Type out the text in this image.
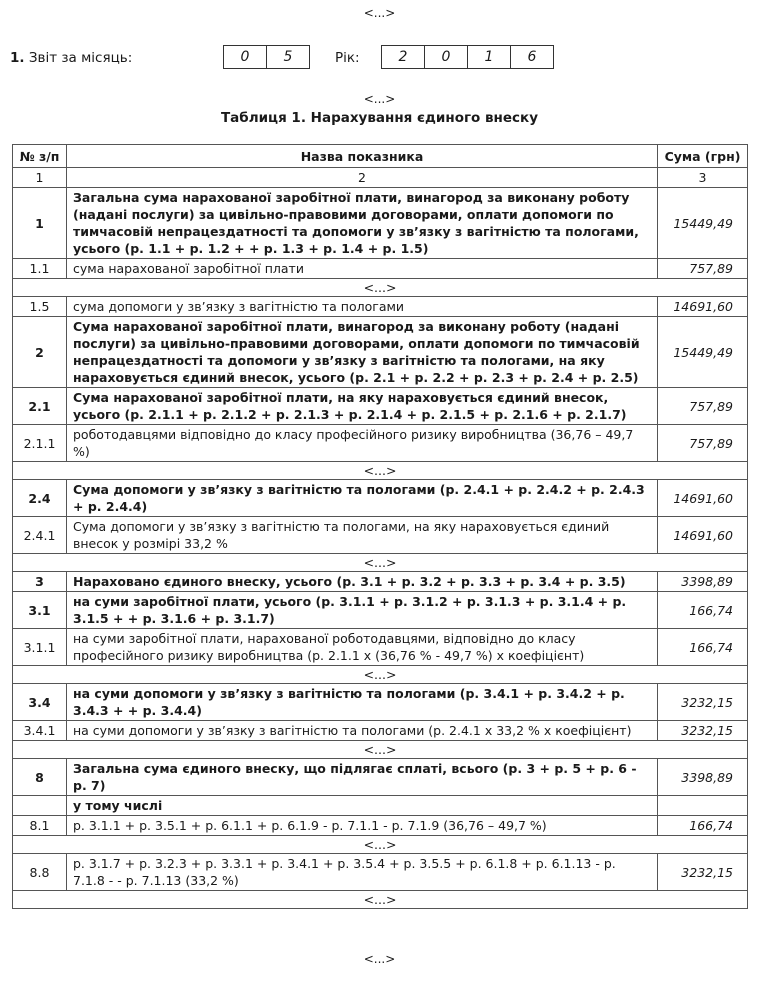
<...>
1. Звіт за місяць:	0	5	Рік:	2	0	1	6
<...>
Таблиця 1. Нарахування єдиного внеску
№ з/п	Назва показника	Сума (грн)
1	2	3
1	Загальна сума нарахованої заробітної плати, винагород за виконану роботу (надані послуги) за цивільно-правовими договорами, оплати допомоги по тимчасовій непрацездатності та допомоги у зв’язку з вагітністю та пологами, усього (р. 1.1 + р. 1.2 + + р. 1.3 + р. 1.4 + р. 1.5)	15449,49
1.1	сума нарахованої заробітної плати	757,89
<...>		
1.5	сума допомоги у зв’язку з вагітністю та пологами	14691,60
2	Сума нарахованої заробітної плати, винагород за виконану роботу (надані послуги) за цивільно-правовими договорами, оплати допомоги по тимчасовій непрацездатності та допомоги у зв’язку з вагітністю та пологами, на яку нараховується єдиний внесок, усього (р. 2.1 + р. 2.2 + р. 2.3 + р. 2.4 + р. 2.5)	15449,49
2.1	Сума нарахованої заробітної плати, на яку нараховується єдиний внесок, усього (р. 2.1.1 + р. 2.1.2 + р. 2.1.3 + р. 2.1.4 + р. 2.1.5 + р. 2.1.6 + р. 2.1.7)	757,89
2.1.1	роботодавцями відповідно до класу професійного ризику виробництва (36,76 – 49,7 %)	757,89
<...>		
2.4	Сума допомоги у зв’язку з вагітністю та пологами (р. 2.4.1 + р. 2.4.2 + р. 2.4.3 + р. 2.4.4)	14691,60
2.4.1	Сума допомоги у зв’язку з вагітністю та пологами, на яку нараховується єдиний внесок у розмірі 33,2 %	14691,60
<...>		
3	Нараховано єдиного внеску, усього (р. 3.1 + р. 3.2 + р. 3.3 + р. 3.4 + р. 3.5)	3398,89
3.1	на суми заробітної плати, усього (р. 3.1.1 + р. 3.1.2 + р. 3.1.3 + р. 3.1.4 + р. 3.1.5 + + р. 3.1.6 + р. 3.1.7)	166,74
3.1.1	на суми заробітної плати, нарахованої роботодавцями, відповідно до класу професійного ризику виробництва (р. 2.1.1 х (36,76 % - 49,7 %) х коефіцієнт)	166,74
<...>		
3.4	на суми допомоги у зв’язку з вагітністю та пологами (р. 3.4.1 + р. 3.4.2 + р. 3.4.3 + + р. 3.4.4)	3232,15
3.4.1	на суми допомоги у зв’язку з вагітністю та пологами (р. 2.4.1 х 33,2 % х коефіцієнт)	3232,15
<...>		
8	Загальна сума єдиного внеску, що підлягає сплаті, всього (р. 3 + р. 5 + р. 6 - р. 7)	3398,89
	у тому числі	
8.1	р. 3.1.1 + р. 3.5.1 + р. 6.1.1 + р. 6.1.9 - р. 7.1.1 - р. 7.1.9 (36,76 – 49,7 %)	166,74
<...>		
8.8	р. 3.1.7 + р. 3.2.3 + р. 3.3.1 + р. 3.4.1 + р. 3.5.4 + р. 3.5.5 + р. 6.1.8 + р. 6.1.13 - р. 7.1.8 - - р. 7.1.13 (33,2 %)	3232,15
<...>		
<...>
